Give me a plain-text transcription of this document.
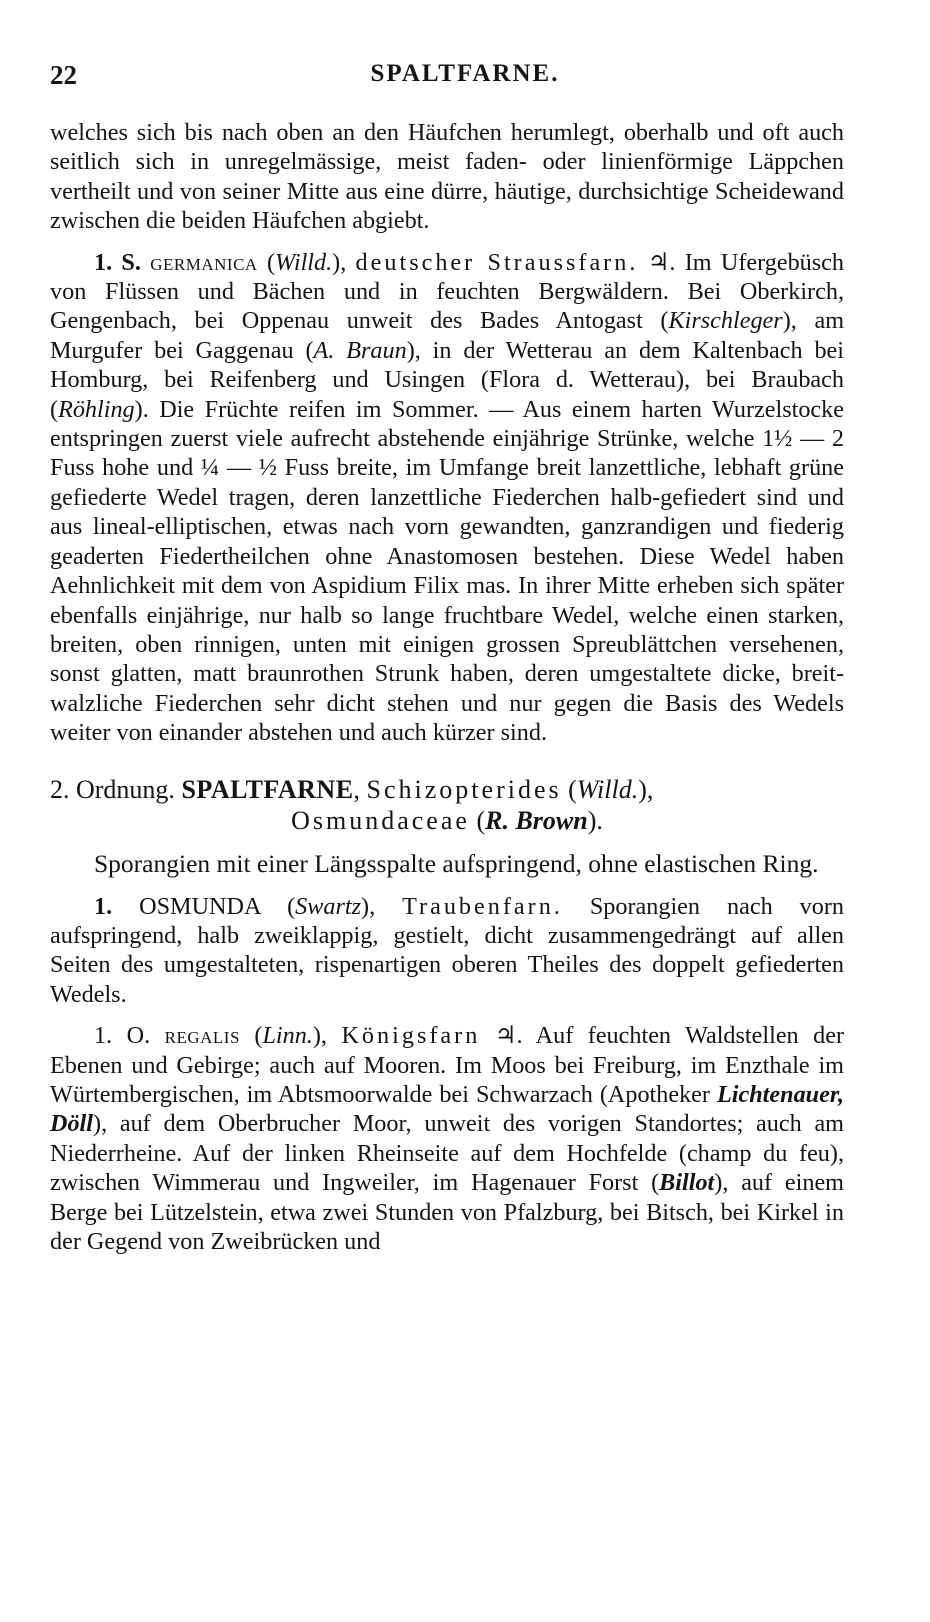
22	SPALTFARNE.

welches sich bis nach oben an den Häufchen herumlegt, oberhalb und oft auch seitlich sich in unregelmässige, meist faden- oder linienförmige Läppchen vertheilt und von seiner Mitte aus eine dürre, häutige, durchsichtige Scheidewand zwischen die beiden Häufchen abgiebt.

1. S. germanica (Willd.), deutscher Straussfarn. ♃. Im Ufergebüsch von Flüssen und Bächen und in feuchten Bergwäldern. Bei Oberkirch, Gengenbach, bei Oppenau unweit des Bades Antogast (Kirschleger), am Murgufer bei Gaggenau (A. Braun), in der Wetterau an dem Kaltenbach bei Homburg, bei Reifenberg und Usingen (Flora d. Wetterau), bei Braubach (Röhling). Die Früchte reifen im Sommer. — Aus einem harten Wurzelstocke entspringen zuerst viele aufrecht abstehende einjährige Strünke, welche 1½ — 2 Fuss hohe und ¼ — ½ Fuss breite, im Umfange breit lanzettliche, lebhaft grüne gefiederte Wedel tragen, deren lanzettliche Fiederchen halb-gefiedert sind und aus lineal-elliptischen, etwas nach vorn gewandten, ganzrandigen und fiederig geaderten Fiedertheilchen ohne Anastomosen bestehen. Diese Wedel haben Aehnlichkeit mit dem von Aspidium Filix mas. In ihrer Mitte erheben sich später ebenfalls einjährige, nur halb so lange fruchtbare Wedel, welche einen starken, breiten, oben rinnigen, unten mit einigen grossen Spreublättchen versehenen, sonst glatten, matt braunrothen Strunk haben, deren umgestaltete dicke, breit-walzliche Fiederchen sehr dicht stehen und nur gegen die Basis des Wedels weiter von einander abstehen und auch kürzer sind.

2. Ordnung. SPALTFARNE, Schizopterides (Willd.),

Osmundaceae (R. Brown).

Sporangien mit einer Längsspalte aufspringend, ohne elastischen Ring.

1. OSMUNDA (Swartz), Traubenfarn. Sporangien nach vorn aufspringend, halb zweiklappig, gestielt, dicht zusammengedrängt auf allen Seiten des umgestalteten, rispenartigen oberen Theiles des doppelt gefiederten Wedels.

1. O. regalis (Linn.), Königsfarn ♃. Auf feuchten Waldstellen der Ebenen und Gebirge; auch auf Mooren. Im Moos bei Freiburg, im Enzthale im Würtembergischen, im Abtsmoorwalde bei Schwarzach (Apotheker Lichtenauer, Döll), auf dem Oberbrucher Moor, unweit des vorigen Standortes; auch am Niederrheine. Auf der linken Rheinseite auf dem Hochfelde (champ du feu), zwischen Wimmerau und Ingweiler, im Hagenauer Forst (Billot), auf einem Berge bei Lützelstein, etwa zwei Stunden von Pfalzburg, bei Bitsch, bei Kirkel in der Gegend von Zweibrücken und
